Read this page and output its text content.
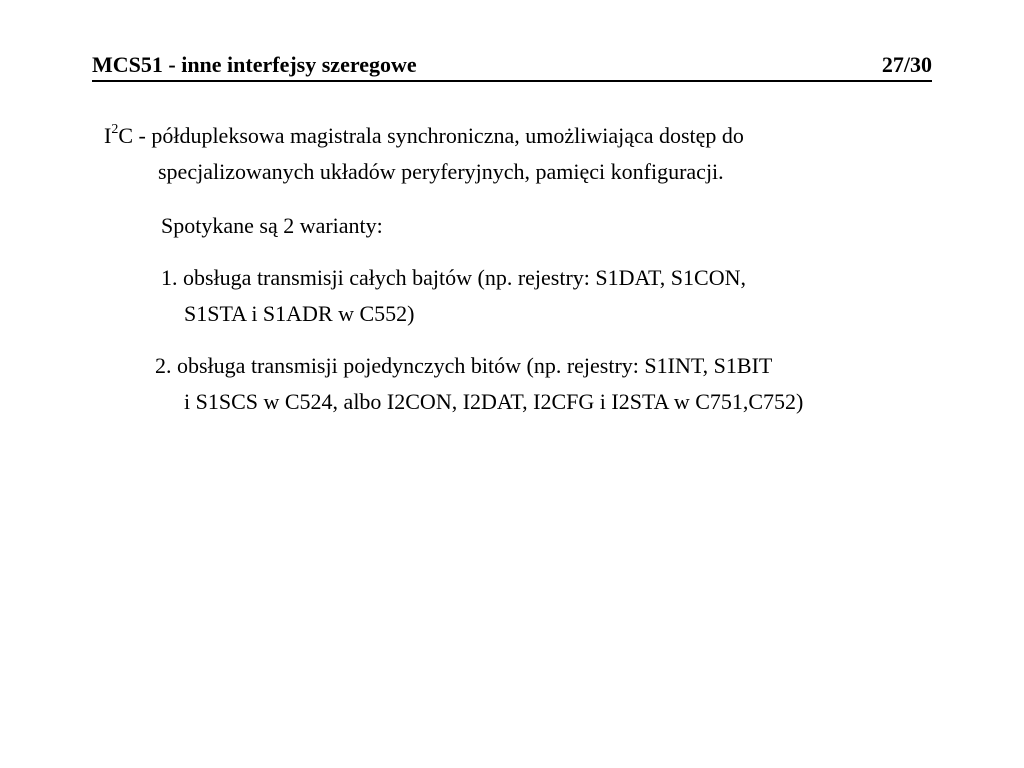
MCS51 - inne interfejsy szeregowe	27/30
$I^2C$ - półdupleksowa magistrala synchroniczna, umożliwiająca dostęp do
specjalizowanych układów peryferyjnych, pamięci konfiguracji.
Spotykane są 2 warianty:
1. obsługa transmisji całych bajtów (np. rejestry: S1DAT, S1CON,
S1STA i S1ADR w C552)
2. obsługa transmisji pojedynczych bitów (np. rejestry: S1INT, S1BIT
i S1SCS w C524, albo I2CON, I2DAT, I2CFG i I2STA w C751,C752)
